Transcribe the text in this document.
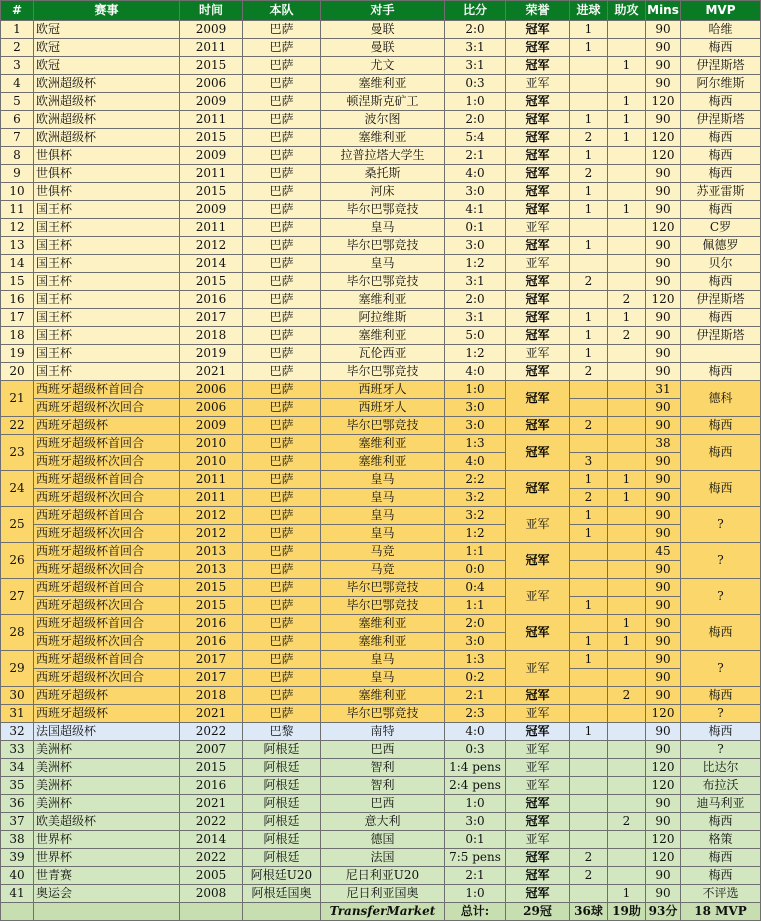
#	赛事	时间	本队	对手	比分	荣誉	进球	助攻	Mins	MVP
1	欧冠	2009	巴萨	曼联	2:0	冠军	1		90	哈维
2	欧冠	2011	巴萨	曼联	3:1	冠军	1		90	梅西
3	欧冠	2015	巴萨	尤文	3:1	冠军		1	90	伊涅斯塔
4	欧洲超级杯	2006	巴萨	塞维利亚	0:3	亚军			90	阿尔维斯
5	欧洲超级杯	2009	巴萨	顿涅斯克矿工	1:0	冠军		1	120	梅西
6	欧洲超级杯	2011	巴萨	波尔图	2:0	冠军	1	1	90	伊涅斯塔
7	欧洲超级杯	2015	巴萨	塞维利亚	5:4	冠军	2	1	120	梅西
8	世俱杯	2009	巴萨	拉普拉塔大学生	2:1	冠军	1		120	梅西
9	世俱杯	2011	巴萨	桑托斯	4:0	冠军	2		90	梅西
10	世俱杯	2015	巴萨	河床	3:0	冠军	1		90	苏亚雷斯
11	国王杯	2009	巴萨	毕尔巴鄂竞技	4:1	冠军	1	1	90	梅西
12	国王杯	2011	巴萨	皇马	0:1	亚军			120	C罗
13	国王杯	2012	巴萨	毕尔巴鄂竞技	3:0	冠军	1		90	佩德罗
14	国王杯	2014	巴萨	皇马	1:2	亚军			90	贝尔
15	国王杯	2015	巴萨	毕尔巴鄂竞技	3:1	冠军	2		90	梅西
16	国王杯	2016	巴萨	塞维利亚	2:0	冠军		2	120	伊涅斯塔
17	国王杯	2017	巴萨	阿拉维斯	3:1	冠军	1	1	90	梅西
18	国王杯	2018	巴萨	塞维利亚	5:0	冠军	1	2	90	伊涅斯塔
19	国王杯	2019	巴萨	瓦伦西亚	1:2	亚军	1		90	
20	国王杯	2021	巴萨	毕尔巴鄂竞技	4:0	冠军	2		90	梅西
21	西班牙超级杯首回合	2006	巴萨	西班牙人	1:0	冠军			31	德科
	西班牙超级杯次回合	2006	巴萨	西班牙人	3:0				90	
22	西班牙超级杯	2009	巴萨	毕尔巴鄂竞技	3:0	冠军	2		90	梅西
23	西班牙超级杯首回合	2010	巴萨	塞维利亚	1:3	冠军			38	梅西
	西班牙超级杯次回合	2010	巴萨	塞维利亚	4:0		3		90	
24	西班牙超级杯首回合	2011	巴萨	皇马	2:2	冠军	1	1	90	梅西
	西班牙超级杯次回合	2011	巴萨	皇马	3:2		2	1	90	
25	西班牙超级杯首回合	2012	巴萨	皇马	3:2	亚军	1		90	?
	西班牙超级杯次回合	2012	巴萨	皇马	1:2		1		90	
26	西班牙超级杯首回合	2013	巴萨	马竞	1:1	冠军			45	?
	西班牙超级杯次回合	2013	巴萨	马竞	0:0				90	
27	西班牙超级杯首回合	2015	巴萨	毕尔巴鄂竞技	0:4	亚军			90	?
	西班牙超级杯次回合	2015	巴萨	毕尔巴鄂竞技	1:1		1		90	
28	西班牙超级杯首回合	2016	巴萨	塞维利亚	2:0	冠军		1	90	梅西
	西班牙超级杯次回合	2016	巴萨	塞维利亚	3:0		1	1	90	
29	西班牙超级杯首回合	2017	巴萨	皇马	1:3	亚军	1		90	?
	西班牙超级杯次回合	2017	巴萨	皇马	0:2				90	
30	西班牙超级杯	2018	巴萨	塞维利亚	2:1	冠军		2	90	梅西
31	西班牙超级杯	2021	巴萨	毕尔巴鄂竞技	2:3	亚军			120	?
32	法国超级杯	2022	巴黎	南特	4:0	冠军	1		90	梅西
33	美洲杯	2007	阿根廷	巴西	0:3	亚军			90	?
34	美洲杯	2015	阿根廷	智利	1:4 pens	亚军			120	比达尔
35	美洲杯	2016	阿根廷	智利	2:4 pens	亚军			120	布拉沃
36	美洲杯	2021	阿根廷	巴西	1:0	冠军			90	迪马利亚
37	欧美超级杯	2022	阿根廷	意大利	3:0	冠军		2	90	梅西
38	世界杯	2014	阿根廷	德国	0:1	亚军			120	格策
39	世界杯	2022	阿根廷	法国	7:5 pens	冠军	2		120	梅西
40	世青赛	2005	阿根廷U20	尼日利亚U20	2:1	冠军	2		90	梅西
41	奥运会	2008	阿根廷国奥	尼日利亚国奥	1:0	冠军		1	90	不评选
				TransferMarket	总计:	29冠	36球	19助	93分	18 MVP
